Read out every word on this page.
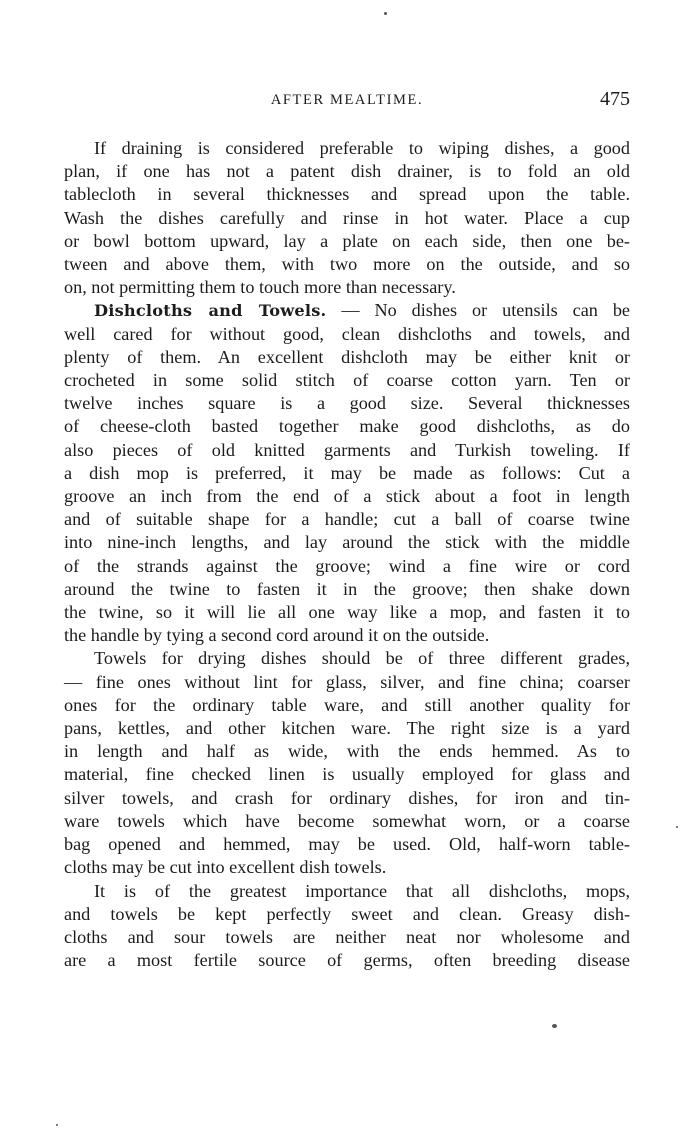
AFTER MEALTIME.	475
If draining is considered preferable to wiping dishes, a good
plan, if one has not a patent dish drainer, is to fold an old
tablecloth in several thicknesses and spread upon the table.
Wash the dishes carefully and rinse in hot water. Place a cup
or bowl bottom upward, lay a plate on each side, then one be-
tween and above them, with two more on the outside, and so
on, not permitting them to touch more than necessary.
Dishcloths and Towels. — No dishes or utensils can be
well cared for without good, clean dishcloths and towels, and
plenty of them. An excellent dishcloth may be either knit or
crocheted in some solid stitch of coarse cotton yarn. Ten or
twelve inches square is a good size. Several thicknesses
of cheese-cloth basted together make good dishcloths, as do
also pieces of old knitted garments and Turkish toweling. If
a dish mop is preferred, it may be made as follows: Cut a
groove an inch from the end of a stick about a foot in length
and of suitable shape for a handle; cut a ball of coarse twine
into nine-inch lengths, and lay around the stick with the middle
of the strands against the groove; wind a fine wire or cord
around the twine to fasten it in the groove; then shake down
the twine, so it will lie all one way like a mop, and fasten it to
the handle by tying a second cord around it on the outside.
Towels for drying dishes should be of three different grades,
— fine ones without lint for glass, silver, and fine china; coarser
ones for the ordinary table ware, and still another quality for
pans, kettles, and other kitchen ware. The right size is a yard
in length and half as wide, with the ends hemmed. As to
material, fine checked linen is usually employed for glass and
silver towels, and crash for ordinary dishes, for iron and tin-
ware towels which have become somewhat worn, or a coarse
bag opened and hemmed, may be used. Old, half-worn table-
cloths may be cut into excellent dish towels.
It is of the greatest importance that all dishcloths, mops,
and towels be kept perfectly sweet and clean. Greasy dish-
cloths and sour towels are neither neat nor wholesome and
are a most fertile source of germs, often breeding disease
